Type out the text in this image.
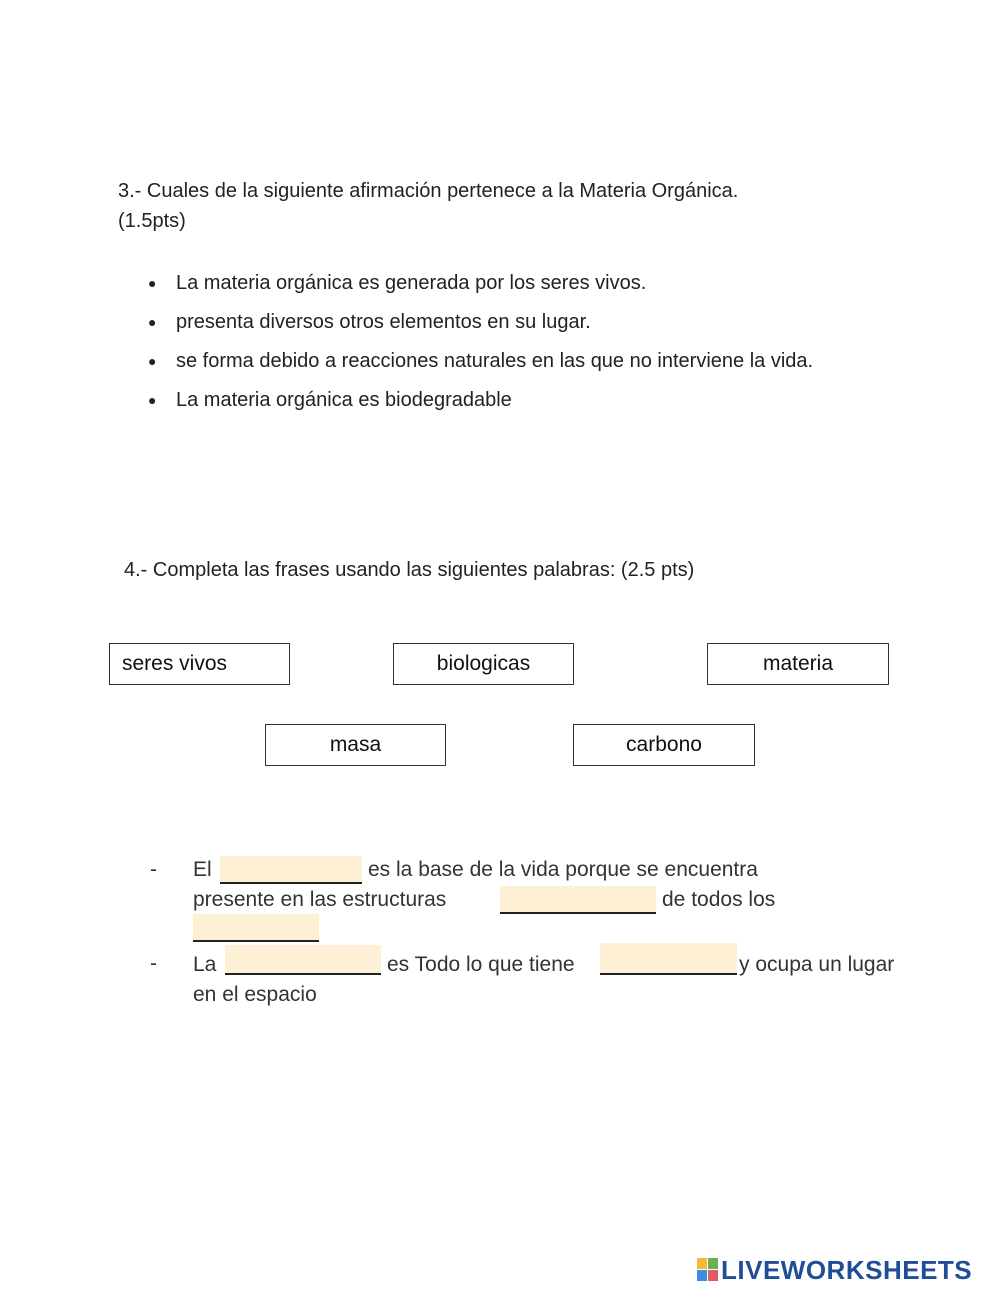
3.- Cuales de la siguiente afirmación pertenece a la Materia Orgánica.
(1.5pts)
● La materia orgánica es generada por los seres vivos.
● presenta diversos otros elementos en su lugar.
● se forma debido a reacciones naturales en las que no interviene la vida.
● La materia orgánica es biodegradable
4.- Completa las frases usando las siguientes palabras: (2.5 pts)
seres vivos	biologicas	materia
masa	carbono
- El	es la base de la vida porque se encuentra
presente en las estructuras	de todos los
- La	es Todo lo que tiene	y ocupa un lugar
en el espacio
LIVEWORKSHEETS
